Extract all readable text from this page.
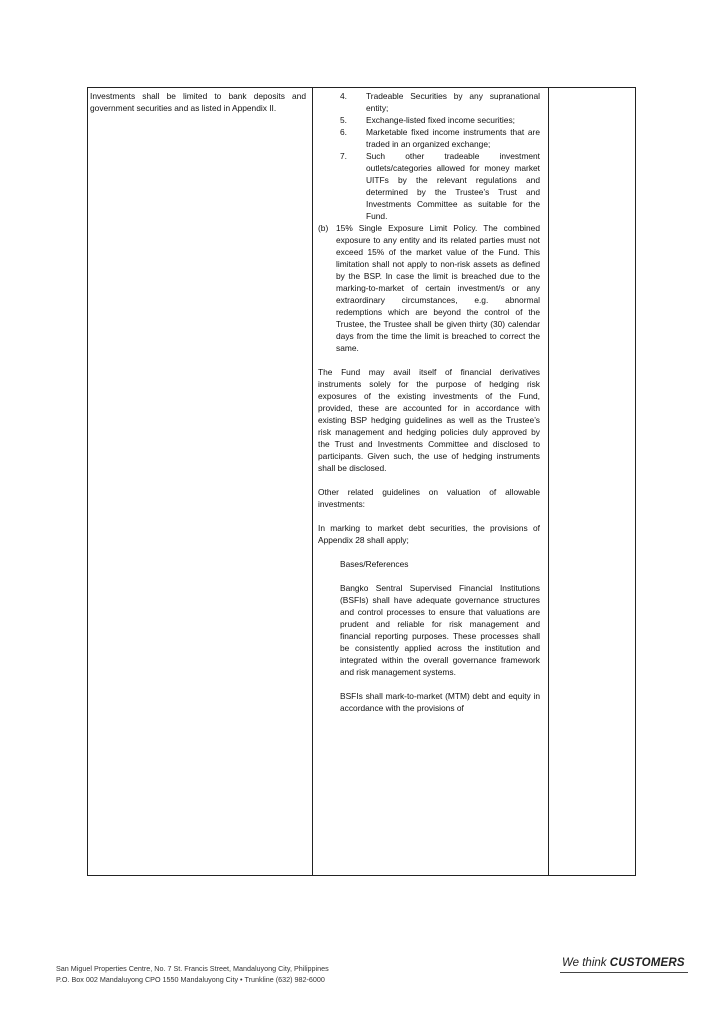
Investments shall be limited to bank deposits and government securities and as listed in Appendix II.

4.	Tradeable Securities by any supranational entity;
5.	Exchange-listed fixed income securities;
6.	Marketable fixed income instruments that are traded in an organized exchange;
7.	Such other tradeable investment outlets/categories allowed for money market UITFs by the relevant regulations and determined by the Trustee’s Trust and Investments Committee as suitable for the Fund.
(b) 15% Single Exposure Limit Policy. The combined exposure to any entity and its related parties must not exceed 15% of the market value of the Fund. This limitation shall not apply to non-risk assets as defined by the BSP. In case the limit is breached due to the marking-to-market of certain investment/s or any extraordinary circumstances, e.g. abnormal redemptions which are beyond the control of the Trustee, the Trustee shall be given thirty (30) calendar days from the time the limit is breached to correct the same.

The Fund may avail itself of financial derivatives instruments solely for the purpose of hedging risk exposures of the existing investments of the Fund, provided, these are accounted for in accordance with existing BSP hedging guidelines as well as the Trustee’s risk management and hedging policies duly approved by the Trust and Investments Committee and disclosed to participants. Given such, the use of hedging instruments shall be disclosed.

Other related guidelines on valuation of allowable investments:

In marking to market debt securities, the provisions of Appendix 28 shall apply;

Bases/References

Bangko Sentral Supervised Financial Institutions (BSFIs) shall have adequate governance structures and control processes to ensure that valuations are prudent and reliable for risk management and financial reporting purposes. These processes shall be consistently applied across the institution and integrated within the overall governance framework and risk management systems.

BSFIs shall mark-to-market (MTM) debt and equity in accordance with the provisions of

San Miguel Properties Centre, No. 7 St. Francis Street, Mandaluyong City, Philippines
P.O. Box 002 Mandaluyong CPO 1550 Mandaluyong City • Trunkline (632) 982-6000
We think CUSTOMERS
